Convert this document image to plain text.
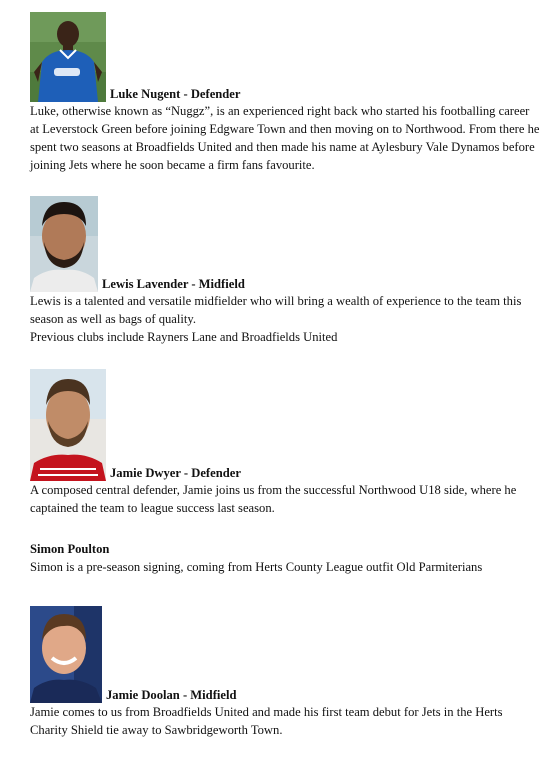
Luke Nugent - Defender

Luke, otherwise known as “Nuggz”, is an experienced right back who started his footballing career at Leverstock Green before joining Edgware Town and then moving on to Northwood. From there he spent two seasons at Broadfields United and then made his name at Aylesbury Vale Dynamos before joining Jets where he soon became a firm fans favourite.

Lewis Lavender - Midfield

Lewis is a talented and versatile midfielder who will bring a wealth of experience to the team this season as well as bags of quality.

Previous clubs include Rayners Lane and Broadfields United

Jamie Dwyer - Defender

A composed central defender, Jamie joins us from the successful Northwood U18 side, where he captained the team to league success last season.

Simon Poulton

Simon is a pre-season signing, coming from Herts County League outfit Old Parmiterians

Jamie Doolan - Midfield

Jamie comes to us from Broadfields United and made his first team debut for Jets in the Herts Charity Shield tie away to Sawbridgeworth Town.
